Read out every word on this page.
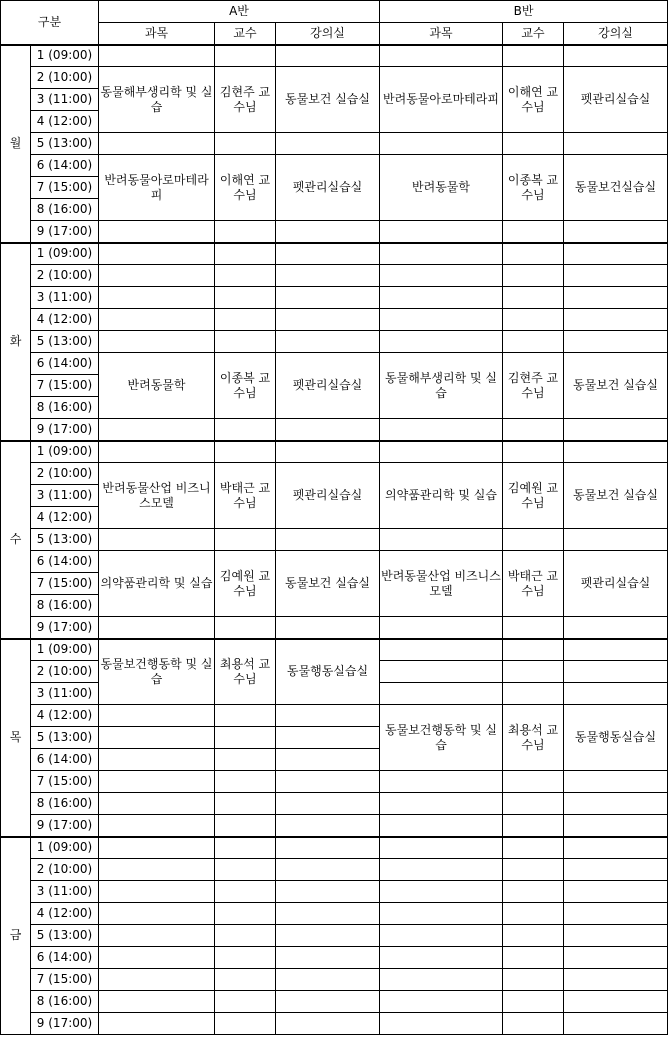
구분		A반			B반		
		과목	교수	강의실	과목	교수	강의실
월	1 (09:00)						
	2 (10:00)	동물해부생리학 및 실습	김현주 교수님	동물보건 실습실	반려동물아로마테라피	이해연 교수님	펫관리실습실
	3 (11:00)						
	4 (12:00)						
	5 (13:00)						
	6 (14:00)	반려동물아로마테라피	이해연 교수님	펫관리실습실	반려동물학	이종복 교수님	동물보건실습실
	7 (15:00)						
	8 (16:00)						
	9 (17:00)						
화	1 (09:00)						
	2 (10:00)						
	3 (11:00)						
	4 (12:00)						
	5 (13:00)						
	6 (14:00)	반려동물학	이종복 교수님	펫관리실습실	동물해부생리학 및 실습	김현주 교수님	동물보건 실습실
	7 (15:00)						
	8 (16:00)						
	9 (17:00)						
수	1 (09:00)						
	2 (10:00)	반려동물산업 비즈니스모델	박태근 교수님	펫관리실습실	의약품관리학 및 실습	김예원 교수님	동물보건 실습실
	3 (11:00)						
	4 (12:00)						
	5 (13:00)						
	6 (14:00)	의약품관리학 및 실습	김예원 교수님	동물보건 실습실	반려동물산업 비즈니스모델	박태근 교수님	펫관리실습실
	7 (15:00)						
	8 (16:00)						
	9 (17:00)						
목	1 (09:00)	동물보건행동학 및 실습	최용석 교수님	동물행동실습실			
	2 (10:00)						
	3 (11:00)						
	4 (12:00)				동물보건행동학 및 실습	최용석 교수님	동물행동실습실
	5 (13:00)						
	6 (14:00)						
	7 (15:00)						
	8 (16:00)						
	9 (17:00)						
금	1 (09:00)						
	2 (10:00)						
	3 (11:00)						
	4 (12:00)						
	5 (13:00)						
	6 (14:00)						
	7 (15:00)						
	8 (16:00)						
	9 (17:00)						
